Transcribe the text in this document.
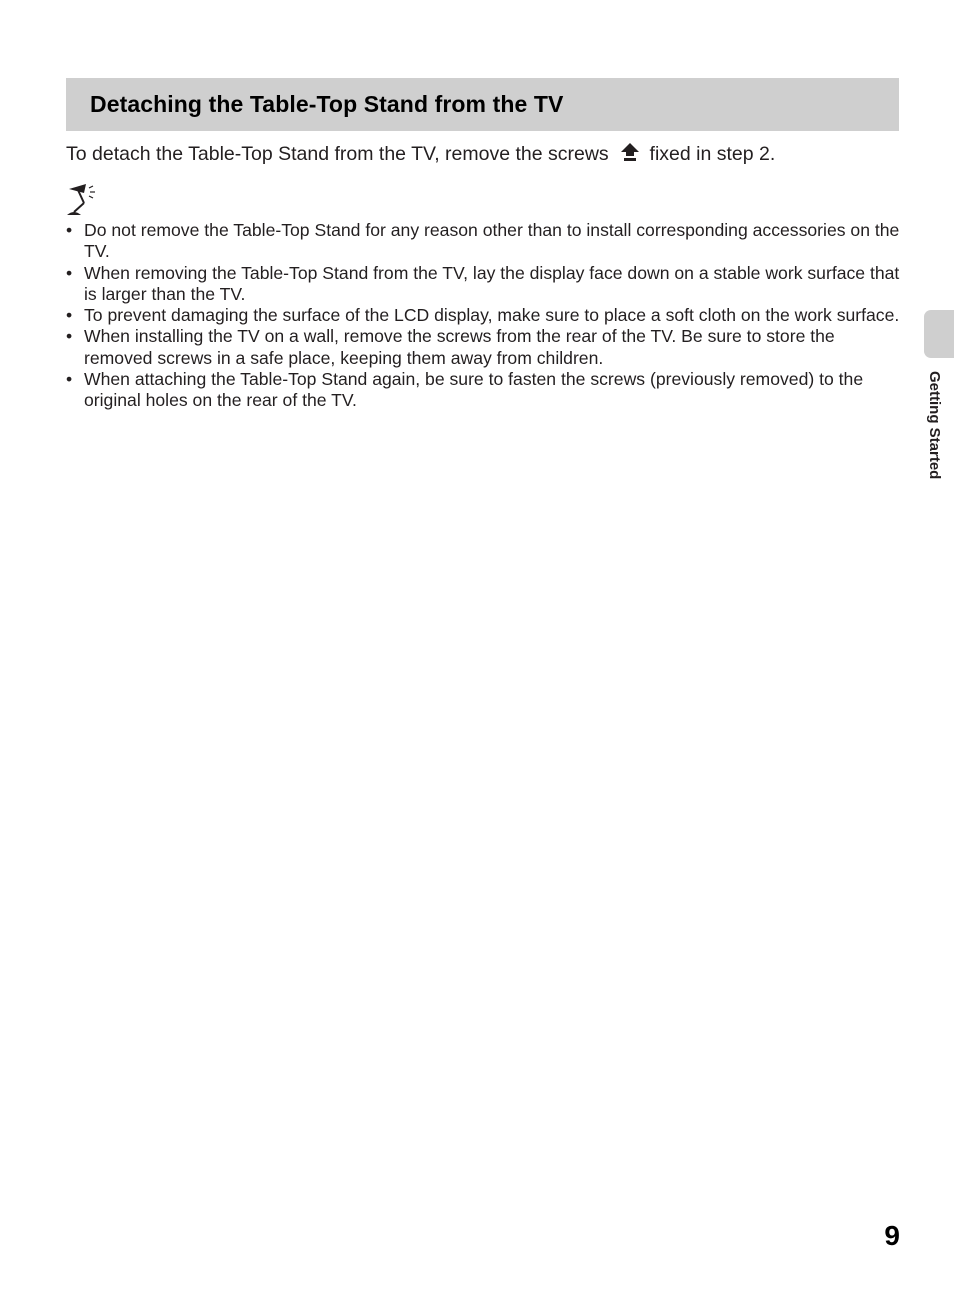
Detaching the Table-Top Stand from the TV
To detach the Table-Top Stand from the TV, remove the screws fixed in step 2.
• Do not remove the Table-Top Stand for any reason other than to install corresponding accessories on the TV.
• When removing the Table-Top Stand from the TV, lay the display face down on a stable work surface that is larger than the TV.
• To prevent damaging the surface of the LCD display, make sure to place a soft cloth on the work surface.
• When installing the TV on a wall, remove the screws from the rear of the TV. Be sure to store the removed screws in a safe place, keeping them away from children.
• When attaching the Table-Top Stand again, be sure to fasten the screws (previously removed) to the original holes on the rear of the TV.	Getting Started
9
